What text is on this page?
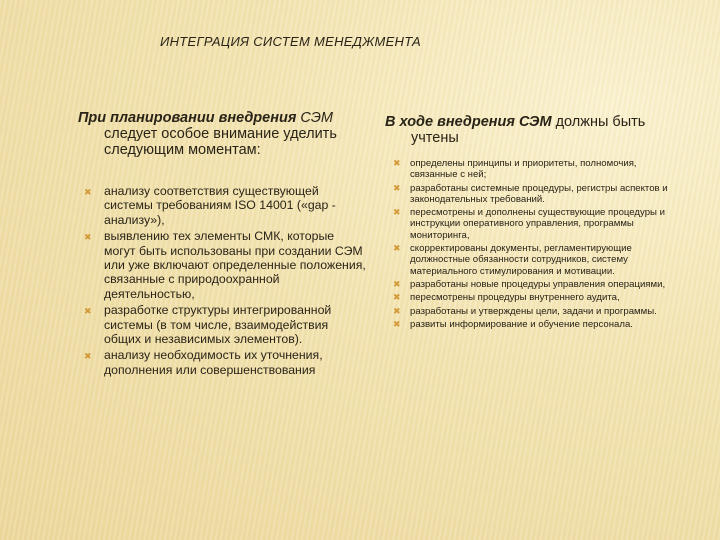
ИНТЕГРАЦИЯ СИСТЕМ МЕНЕДЖМЕНТА
При планировании внедрения СЭМ
следует особое внимание уделить следующим моментам:
✖ анализу соответствия существующей системы требованиям ISO 14001 («gap - анализу»),
✖ выявлению тех элементы СМК, которые могут быть использованы при создании СЭМ или уже включают определенные положения, связанные с природоохранной деятельностью,
✖ разработке структуры интегрированной системы (в том числе, взаимодействия общих и независимых элементов).
✖ анализу необходимость их уточнения, дополнения или совершенствования
В ходе внедрения СЭМ должны быть
учтены
✖ определены принципы и приоритеты, полномочия, связанные с ней;
✖ разработаны системные процедуры, регистры аспектов и законодательных требований.
✖ пересмотрены и дополнены существующие процедуры и инструкции оперативного управления, программы мониторинга,
✖ скорректированы документы, регламентирующие должностные обязанности сотрудников, систему материального стимулирования и мотивации.
✖ разработаны новые процедуры управления операциями,
✖ пересмотрены процедуры внутреннего аудита,
✖ разработаны и утверждены цели, задачи и программы.
✖ развиты информирование и обучение персонала.
